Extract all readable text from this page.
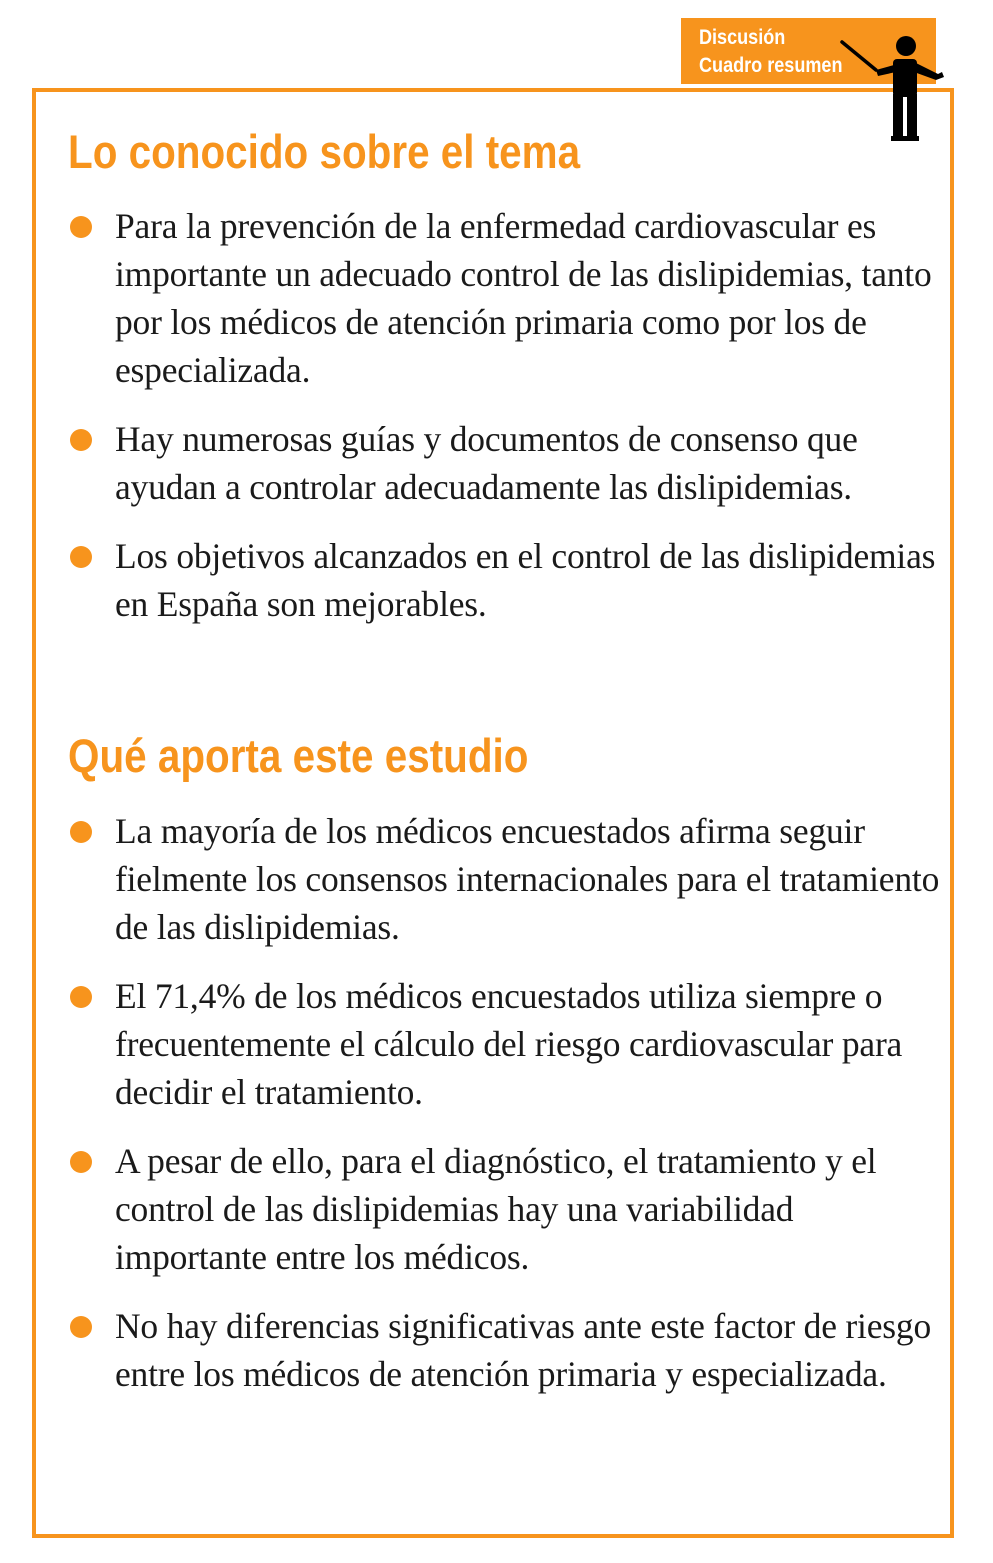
Discusión
Cuadro resumen
Lo conocido sobre el tema
Para la prevención de la enfermedad cardiovascular es importante un adecuado control de las dislipidemias, tanto por los médicos de atención primaria como por los de especializada.
Hay numerosas guías y documentos de consenso que ayudan a controlar adecuadamente las dislipidemias.
Los objetivos alcanzados en el control de las dislipidemias en España son mejorables.
Qué aporta este estudio
La mayoría de los médicos encuestados afirma seguir fielmente los consensos internacionales para el tratamiento de las dislipidemias.
El 71,4% de los médicos encuestados utiliza siempre o frecuentemente el cálculo del riesgo cardiovascular para decidir el tratamiento.
A pesar de ello, para el diagnóstico, el tratamiento y el control de las dislipidemias hay una variabilidad importante entre los médicos.
No hay diferencias significativas ante este factor de riesgo entre los médicos de atención primaria y especializada.
